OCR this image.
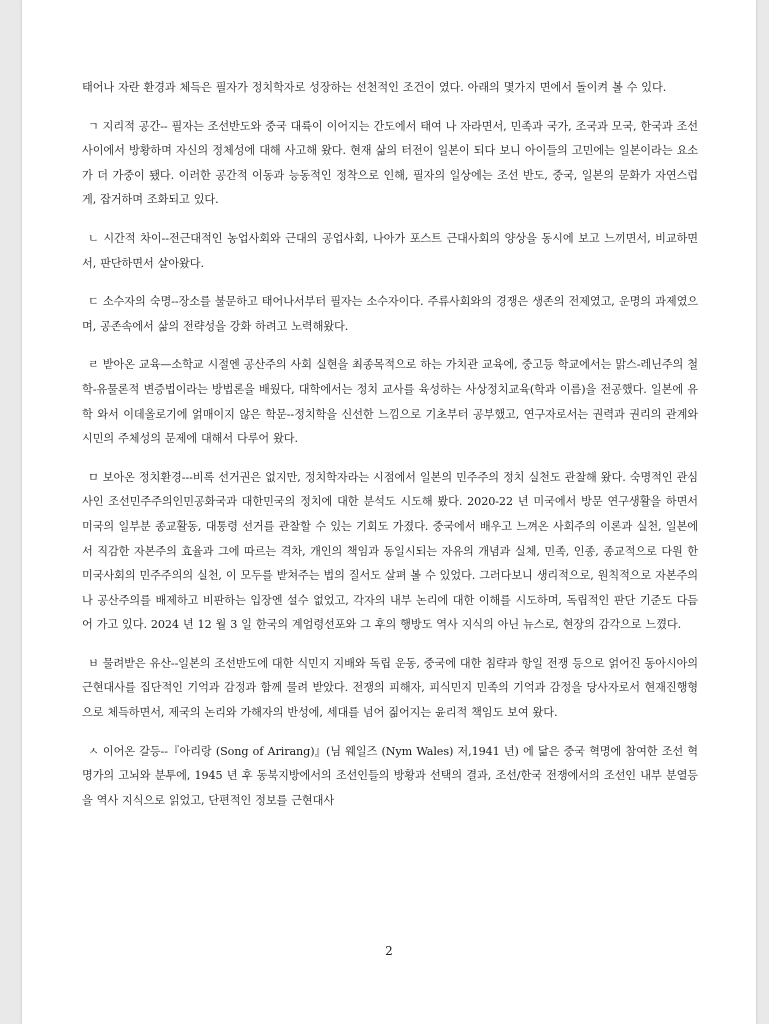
태어나 자란 환경과 체득은 필자가 정치학자로 성장하는 선천적인 조건이 였다. 아래의 몇가지 면에서 돌이켜 볼 수 있다.

ㄱ 지리적 공간-- 필자는 조선반도와 중국 대륙이 이어지는 간도에서 태여 나 자라면서, 민족과 국가, 조국과 모국, 한국과 조선 사이에서 방황하며 자신의 정체성에 대해 사고해 왔다. 현재 삶의 터전이 일본이 되다 보니 아이들의 고민에는 일본이라는 요소가 더 가중이 됐다. 이러한 공간적 이동과 능동적인 정착으로 인해, 필자의 일상에는 조선 반도, 중국, 일본의 문화가 자연스럽게, 잡거하며 조화되고 있다.

ㄴ 시간적 차이--전근대적인 농업사회와 근대의 공업사회, 나아가 포스트 근대사회의 양상을 동시에 보고 느끼면서, 비교하면서, 판단하면서 살아왔다.

ㄷ 소수자의 숙명--장소를 불문하고 태어나서부터 필자는 소수자이다. 주류사회와의 경쟁은 생존의 전제였고, 운명의 과제였으며, 공존속에서 삶의 전략성을 강화 하려고 노력해왔다.

ㄹ 받아온 교육—소학교 시절엔 공산주의 사회 실현을 최종목적으로 하는 가치관 교육에, 중고등 학교에서는 맑스-레닌주의 철학-유물론적 변증법이라는 방법론을 배웠다, 대학에서는 정치 교사를 육성하는 사상정치교육(학과 이름)을 전공했다. 일본에 유학 와서 이데올로기에 얽매이지 않은 학문--정치학을 신선한 느낌으로 기초부터 공부했고, 연구자로서는 권력과 권리의 관계와 시민의 주체성의 문제에 대해서 다루어 왔다.

ㅁ 보아온 정치환경---비록 선거권은 없지만, 정치학자라는 시점에서 일본의 민주주의 정치 실천도 관찰해 왔다. 숙명적인 관심사인 조선민주주의인민공화국과 대한민국의 정치에 대한 분석도 시도해 봤다. 2020-22 년 미국에서 방문 연구생활을 하면서 미국의 일부분 종교활동, 대통령 선거를 관찰할 수 있는 기회도 가졌다. 중국에서 배우고 느껴온 사회주의 이론과 실천, 일본에서 직감한 자본주의 효율과 그에 따르는 격차, 개인의 책임과 동일시되는 자유의 개념과 실체, 민족, 인종, 종교적으로 다원 한 미국사회의 민주주의의 실천, 이 모두를 받쳐주는 법의 질서도 살펴 볼 수 있었다. 그러다보니 생리적으로, 원칙적으로 자본주의나 공산주의를 배제하고 비판하는 입장엔 설수 없었고, 각자의 내부 논리에 대한 이해를 시도하며, 독립적인 판단 기준도 다듬어 가고 있다. 2024 년 12 월 3 일 한국의 계엄령선포와 그 후의 행방도 역사 지식의 아닌 뉴스로, 현장의 감각으로 느꼈다.

ㅂ 물려받은 유산--일본의 조선반도에 대한 식민지 지배와 독립 운동, 중국에 대한 침략과 항일 전쟁 등으로 얽어진 동아시아의 근현대사를 집단적인 기억과 감정과 함께 물려 받았다. 전쟁의 피해자, 피식민지 민족의 기억과 감정을 당사자로서 현재진행형으로 체득하면서, 제국의 논리와 가해자의 반성에, 세대를 넘어 짊어지는 윤리적 책임도 보여 왔다.

ㅅ 이어온 갈등--『아리랑 (Song of Arirang)』(님 웨일즈 (Nym Wales) 저,1941 년) 에 닮은 중국 혁명에 참여한 조선 혁명가의 고뇌와 분투에, 1945 년 후 동북지방에서의 조선인들의 방황과 선택의 결과, 조선/한국 전쟁에서의 조선인 내부 분열등을 역사 지식으로 읽었고, 단편적인 정보를 근현대사

2
